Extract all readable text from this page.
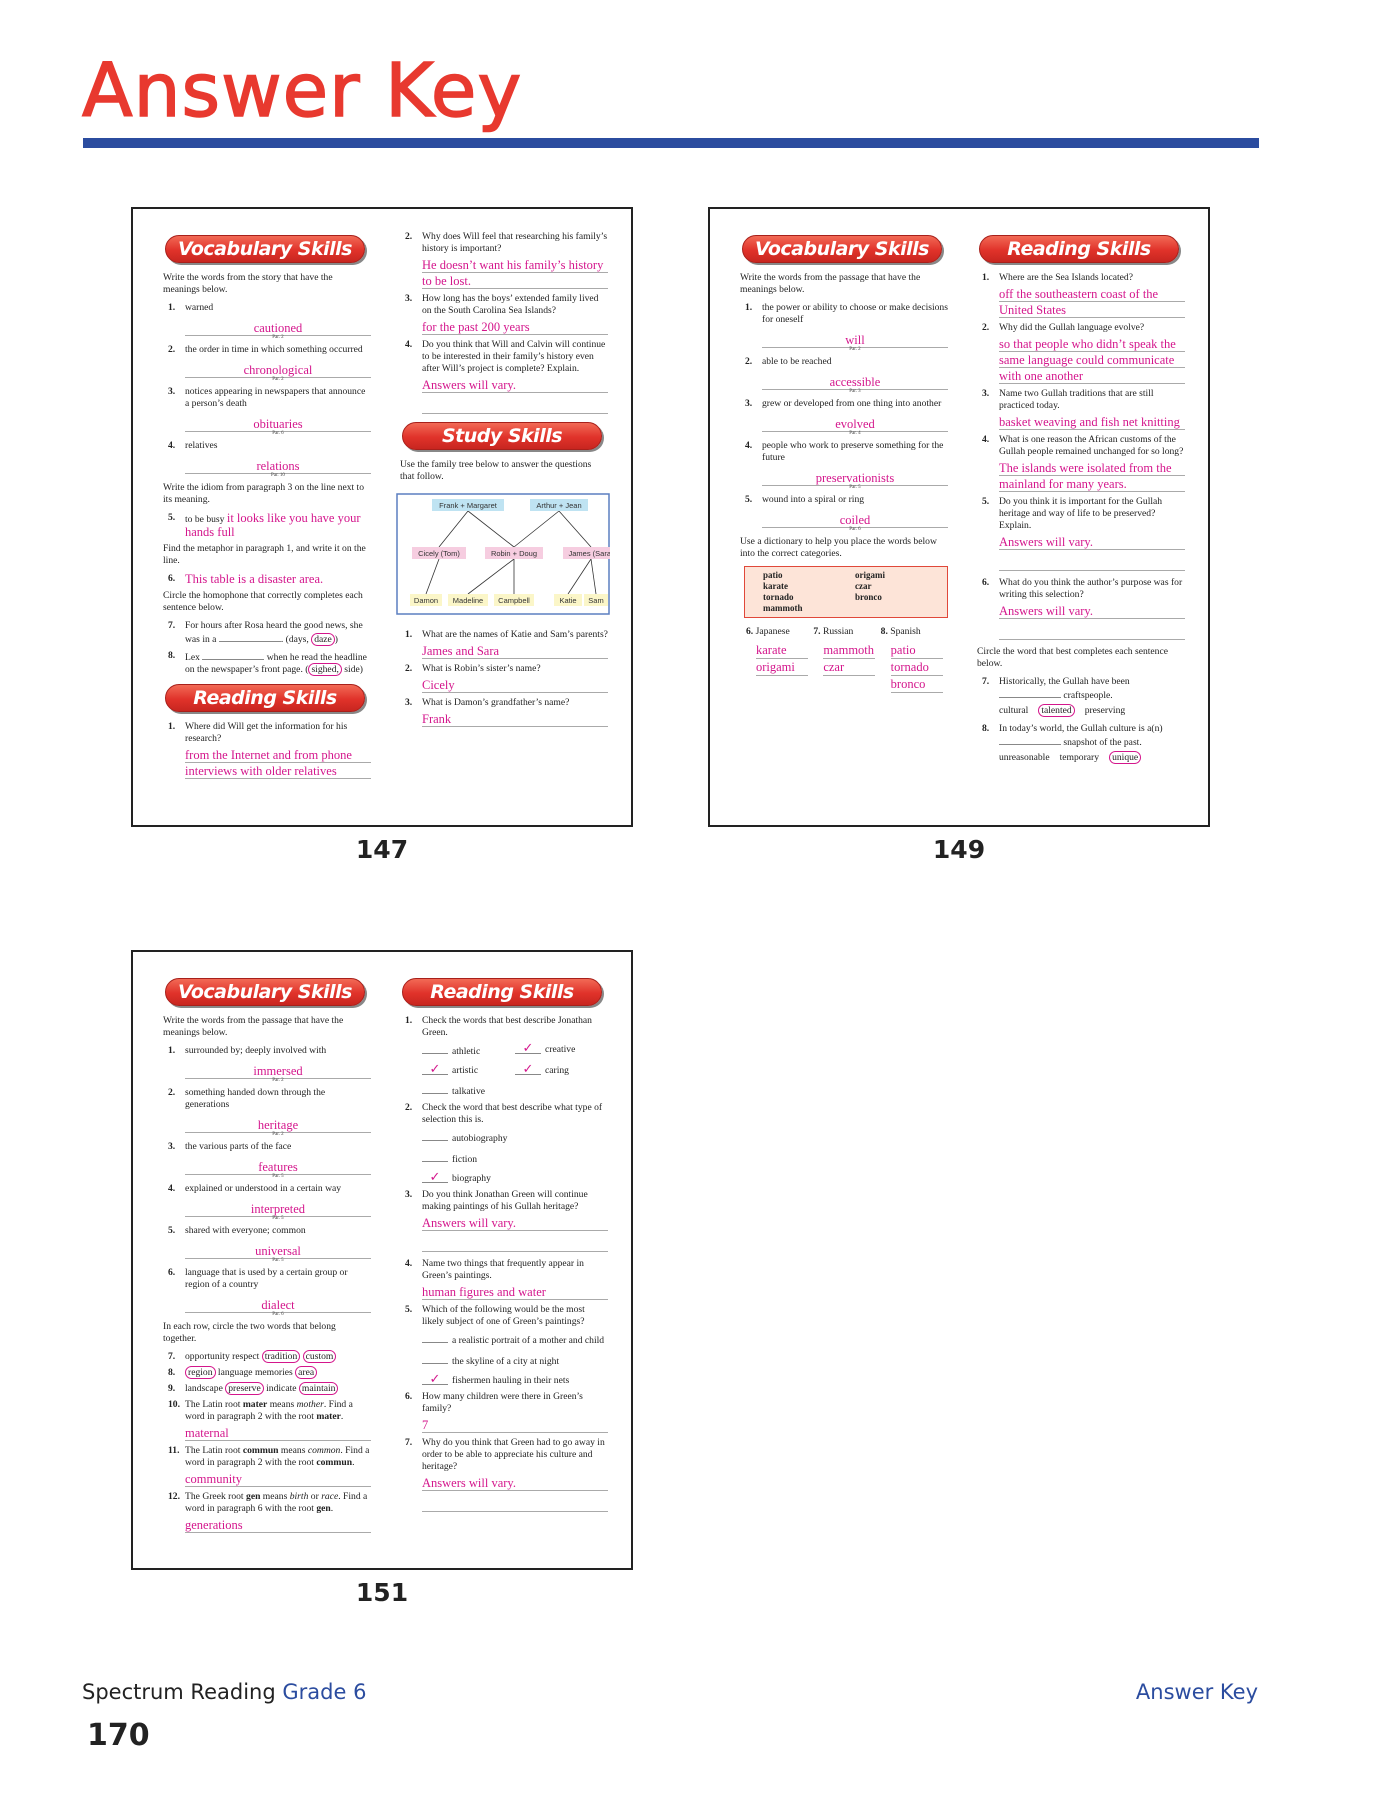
Answer Key
Vocabulary Skills
Write the words from the story that have the meanings below.
1.	warned
cautioned
Par. 2
2.	the order in time in which something occurred
chronological
Par. 2
3.	notices appearing in newspapers that announce a person’s death
obituaries
Par. 6
4.	relatives
relations
Par. 10
Write the idiom from paragraph 3 on the line next to its meaning.
5.	to be busy it looks like you have your hands full
Find the metaphor in paragraph 1, and write it on the line.
6. This table is a disaster area.
Circle the homophone that correctly completes each sentence below.
7.	For hours after Rosa heard the good news, she was in a	. (days, daze )
8.	Lex	when he read the headline on the newspaper’s front page. ( sighed, side)
Reading Skills
1.	Where did Will get the information for his research?
from the Internet and from phone interviews with older relatives
2.	Why does Will feel that researching his family’s history is important?
He doesn’t want his family’s history to be lost.
3.	How long has the boys’ extended family lived on the South Carolina Sea Islands?
for the past 200 years
4.	Do you think that Will and Calvin will continue to be interested in their family’s history even after Will’s project is complete? Explain.
Answers will vary.
Study Skills
Use the family tree below to answer the questions that follow.
Frank + Margaret	Arthur + Jean
Cicely (Tom)	Robin + Doug	James (Sara)
Damon Madeline Campbell	Katie Sam
1.	What are the names of Katie and Sam’s parents?
James and Sara
2.	What is Robin’s sister’s name?
Cicely
3.	What is Damon’s grandfather’s name?
Frank
147
Vocabulary Skills
Write the words from the passage that have the meanings below.
1.	the power or ability to choose or make decisions for oneself
will
Par. 2
2.	able to be reached
accessible
Par. 3
3.	grew or developed from one thing into another
evolved
Par. 4
4.	people who work to preserve something for the future
preservationists
Par. 5
5.	wound into a spiral or ring
coiled
Par. 6
Use a dictionary to help you place the words below into the correct categories.
patio	origami
karate	czar
tornado	bronco
mammoth
6. Japanese
karate
origami
7. Russian
mammoth
czar
8. Spanish
patio
tornado
bronco
Reading Skills
1.	Where are the Sea Islands located?
off the southeastern coast of the United States
2.	Why did the Gullah language evolve?
so that people who didn’t speak the same language could communicate with one another
3.	Name two Gullah traditions that are still practiced today.
basket weaving and fish net knitting
4.	What is one reason the African customs of the Gullah people remained unchanged for so long?
The islands were isolated from the mainland for many years.
5.	Do you think it is important for the Gullah heritage and way of life to be preserved? Explain.
Answers will vary.
6.	What do you think the author’s purpose was for writing this selection?
Answers will vary.
Circle the word that best completes each sentence below.
7.	Historically, the Gullah have been  craftspeople.
cultural talented preserving
8.	In today’s world, the Gullah culture is a(n)  snapshot of the past.
unreasonable temporary unique
149
Vocabulary Skills
Write the words from the passage that have the meanings below.
1.	surrounded by; deeply involved with
immersed
Par. 2
2.	something handed down through the generations
heritage
Par. 2
3.	the various parts of the face
features
Par. 5
4.	explained or understood in a certain way
interpreted
Par. 5
5.	shared with everyone; common
universal
Par. 5
6.	language that is used by a certain group or region of a country
dialect
Par. 6
In each row, circle the two words that belong together.
7.	opportunity respect tradition custom
8.	region language memories area
9.	landscape preserve indicate maintain
10. The Latin root mater means mother. Find a word in paragraph 2 with the root mater.
maternal
11. The Latin root commun means common. Find a word in paragraph 2 with the root commun.
community
12. The Greek root gen means birth or race. Find a word in paragraph 6 with the root gen.
generations
Reading Skills
1.	Check the words that best describe Jonathan Green.
athletic	✓ creative
✓ artistic	✓ caring
talkative
2.	Check the word that best describe what type of selection this is.
autobiography
fiction
✓ biography
3.	Do you think Jonathan Green will continue making paintings of his Gullah heritage?
Answers will vary.
4.	Name two things that frequently appear in Green’s paintings.
human figures and water
5.	Which of the following would be the most likely subject of one of Green’s paintings?
a realistic portrait of a mother and child
the skyline of a city at night
✓ fishermen hauling in their nets
6.	How many children were there in Green’s family?
7
7.	Why do you think that Green had to go away in order to be able to appreciate his culture and heritage?
Answers will vary.
151
Spectrum Reading Grade 6	Answer Key
170
